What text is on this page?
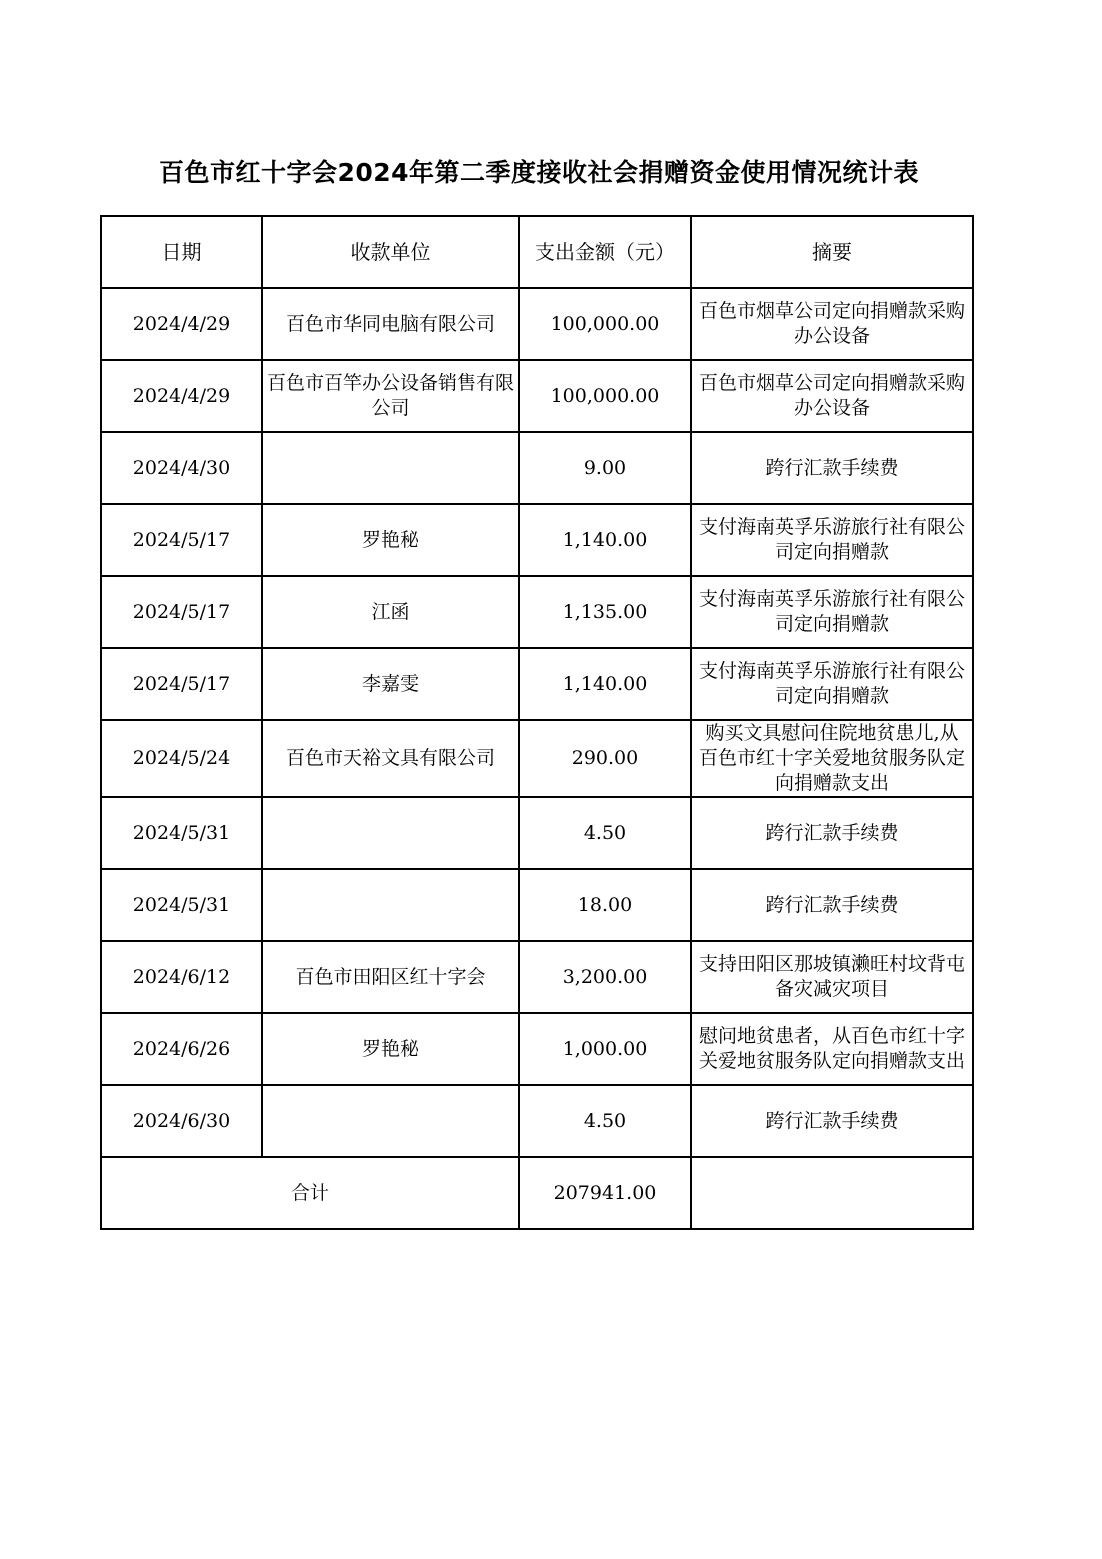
百色市红十字会2024年第二季度接收社会捐赠资金使用情况统计表
日期	收款单位	支出金额（元）	摘要
2024/4/29	百色市华同电脑有限公司	100,000.00	百色市烟草公司定向捐赠款采购办公设备
2024/4/29	百色市百竿办公设备销售有限公司	100,000.00	百色市烟草公司定向捐赠款采购办公设备
2024/4/30		9.00	跨行汇款手续费
2024/5/17	罗艳秘	1,140.00	支付海南英孚乐游旅行社有限公司定向捐赠款
2024/5/17	江函	1,135.00	支付海南英孚乐游旅行社有限公司定向捐赠款
2024/5/17	李嘉雯	1,140.00	支付海南英孚乐游旅行社有限公司定向捐赠款
2024/5/24	百色市天裕文具有限公司	290.00	购买文具慰问住院地贫患儿,从百色市红十字关爱地贫服务队定向捐赠款支出
2024/5/31		4.50	跨行汇款手续费
2024/5/31		18.00	跨行汇款手续费
2024/6/12	百色市田阳区红十字会	3,200.00	支持田阳区那坡镇濑旺村坟背屯备灾减灾项目
2024/6/26	罗艳秘	1,000.00	慰问地贫患者，从百色市红十字关爱地贫服务队定向捐赠款支出
2024/6/30		4.50	跨行汇款手续费
合计		207941.00	
